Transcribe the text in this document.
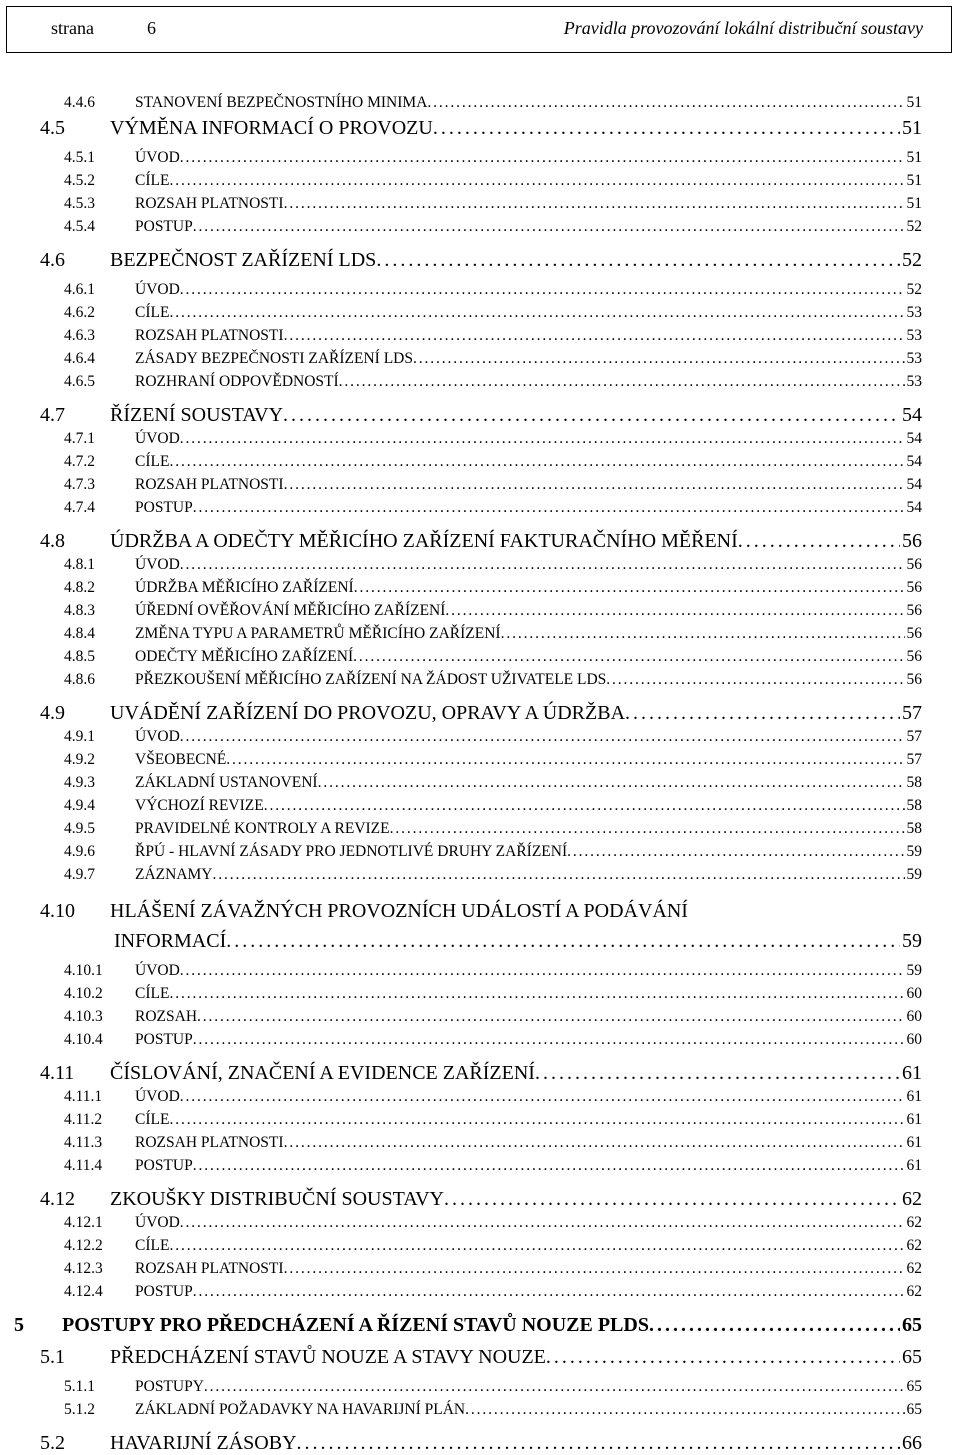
strana	6	Pravidla provozování lokální distribuční soustavy
4.4.6	STANOVENÍ BEZPEČNOSTNÍHO MINIMA . . .	51
4.5	VÝMĚNA INFORMACÍ O PROVOZU . . .	51
4.5.1	ÚVOD . . .	51
4.5.2	CÍLE . . .	51
4.5.3	ROZSAH PLATNOSTI . . .	51
4.5.4	POSTUP . . .	52
4.6	BEZPEČNOST ZAŘÍZENÍ LDS . . .	52
4.6.1	ÚVOD . . .	52
4.6.2	CÍLE . . .	53
4.6.3	ROZSAH PLATNOSTI . . .	53
4.6.4	ZÁSADY BEZPEČNOSTI ZAŘÍZENÍ LDS . . .	53
4.6.5	ROZHRANÍ ODPOVĚDNOSTÍ . . .	53
4.7	ŘÍZENÍ SOUSTAVY . . .	54
4.7.1	ÚVOD . . .	54
4.7.2	CÍLE . . .	54
4.7.3	ROZSAH PLATNOSTI . . .	54
4.7.4	POSTUP . . .	54
4.8	ÚDRŽBA A ODEČTY MĚŘICÍHO ZAŘÍZENÍ FAKTURAČNÍHO MĚŘENÍ . . .	56
4.8.1	ÚVOD . . .	56
4.8.2	ÚDRŽBA MĚŘICÍHO ZAŘÍZENÍ . . .	56
4.8.3	ÚŘEDNÍ OVĚŘOVÁNÍ MĚŘICÍHO ZAŘÍZENÍ . . .	56
4.8.4	ZMĚNA TYPU A PARAMETRŮ MĚŘICÍHO ZAŘÍZENÍ . . .	56
4.8.5	ODEČTY MĚŘICÍHO ZAŘÍZENÍ . . .	56
4.8.6	PŘEZKOUŠENÍ MĚŘICÍHO ZAŘÍZENÍ NA ŽÁDOST UŽIVATELE LDS . . .	56
4.9	UVÁDĚNÍ ZAŘÍZENÍ DO PROVOZU, OPRAVY A ÚDRŽBA . . .	57
4.9.1	ÚVOD . . .	57
4.9.2	VŠEOBECNÉ . . .	57
4.9.3	ZÁKLADNÍ USTANOVENÍ . . .	58
4.9.4	VÝCHOZÍ REVIZE . . .	58
4.9.5	PRAVIDELNÉ KONTROLY A REVIZE . . .	58
4.9.6	ŘPÚ - HLAVNÍ ZÁSADY PRO JEDNOTLIVÉ DRUHY ZAŘÍZENÍ . . .	59
4.9.7	ZÁZNAMY . . .	59
4.10	HLÁŠENÍ ZÁVAŽNÝCH PROVOZNÍCH UDÁLOSTÍ A PODÁVÁNÍ
INFORMACÍ . . .	59
4.10.1	ÚVOD . . .	59
4.10.2	CÍLE . . .	60
4.10.3	ROZSAH . . .	60
4.10.4	POSTUP . . .	60
4.11	ČÍSLOVÁNÍ, ZNAČENÍ A EVIDENCE ZAŘÍZENÍ . . .	61
4.11.1	ÚVOD . . .	61
4.11.2	CÍLE . . .	61
4.11.3	ROZSAH PLATNOSTI . . .	61
4.11.4	POSTUP . . .	61
4.12	ZKOUŠKY DISTRIBUČNÍ SOUSTAVY . . .	62
4.12.1	ÚVOD . . .	62
4.12.2	CÍLE . . .	62
4.12.3	ROZSAH PLATNOSTI . . .	62
4.12.4	POSTUP . . .	62
5	POSTUPY PRO PŘEDCHÁZENÍ A ŘÍZENÍ STAVŮ NOUZE PLDS . . .	65
5.1	PŘEDCHÁZENÍ STAVŮ NOUZE A STAVY NOUZE . . .	65
5.1.1	POSTUPY . . .	65
5.1.2	ZÁKLADNÍ POŽADAVKY NA HAVARIJNÍ PLÁN . . .	65
5.2	HAVARIJNÍ ZÁSOBY . . .	66
